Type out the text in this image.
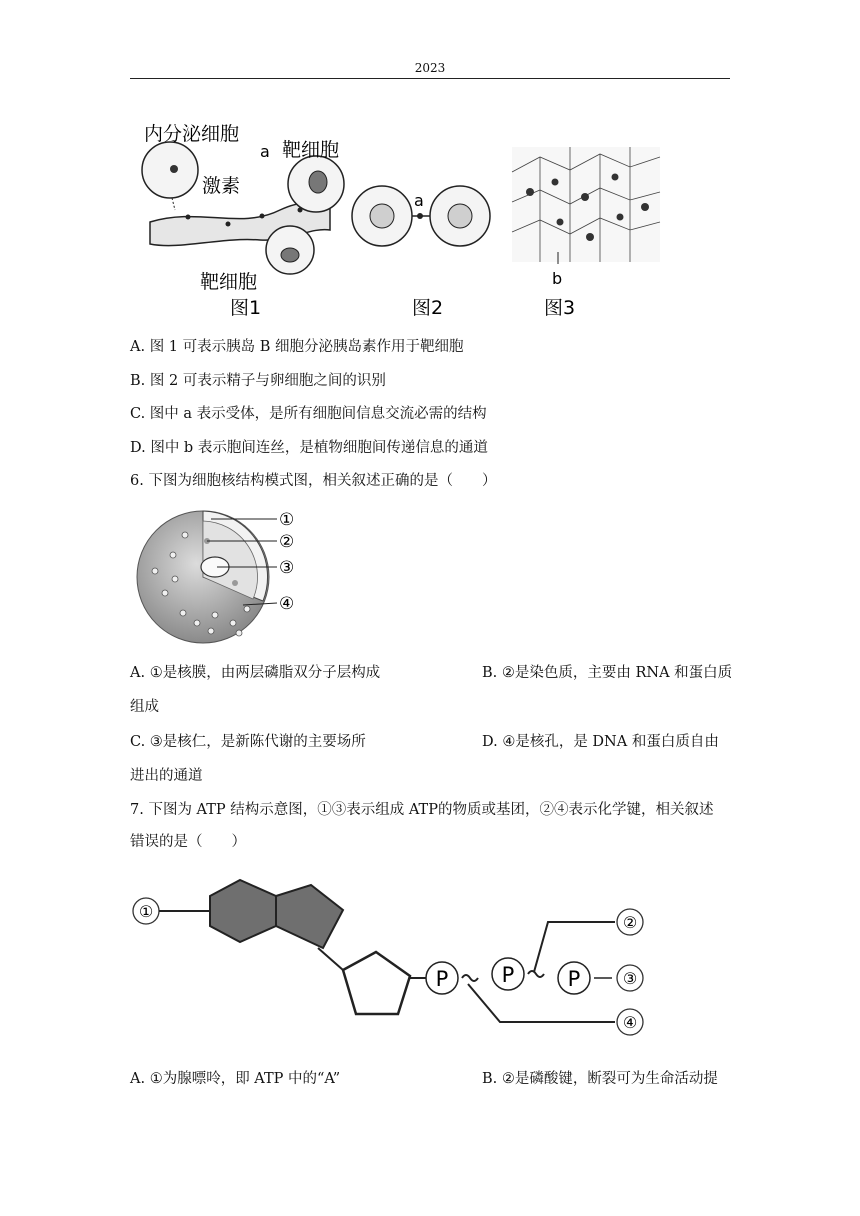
2023
内分泌细胞
a 靶细胞
激素
靶细胞
图1
a
图2
b
图3
A. 图 1 可表示胰岛 B 细胞分泌胰岛素作用于靶细胞
B. 图 2 可表示精子与卵细胞之间的识别
C. 图中 a 表示受体，是所有细胞间信息交流必需的结构
D. 图中 b 表示胞间连丝，是植物细胞间传递信息的通道
6. 下图为细胞核结构模式图，相关叙述正确的是（　　）
①
②
③
④
A. ①是核膜，由两层磷脂双分子层构成	B. ②是染色质，主要由 RNA 和蛋白质
组成
C. ③是核仁，是新陈代谢的主要场所	D. ④是核孔，是 DNA 和蛋白质自由
进出的通道
7. 下图为 ATP 结构示意图，①③表示组成 ATP的物质或基团，②④表示化学键，相关叙述
错误的是（　　）
①
P	P	P	③
②
④
A. ①为腺嘌呤，即 ATP 中的“A”	B. ②是磷酸键，断裂可为生命活动提
